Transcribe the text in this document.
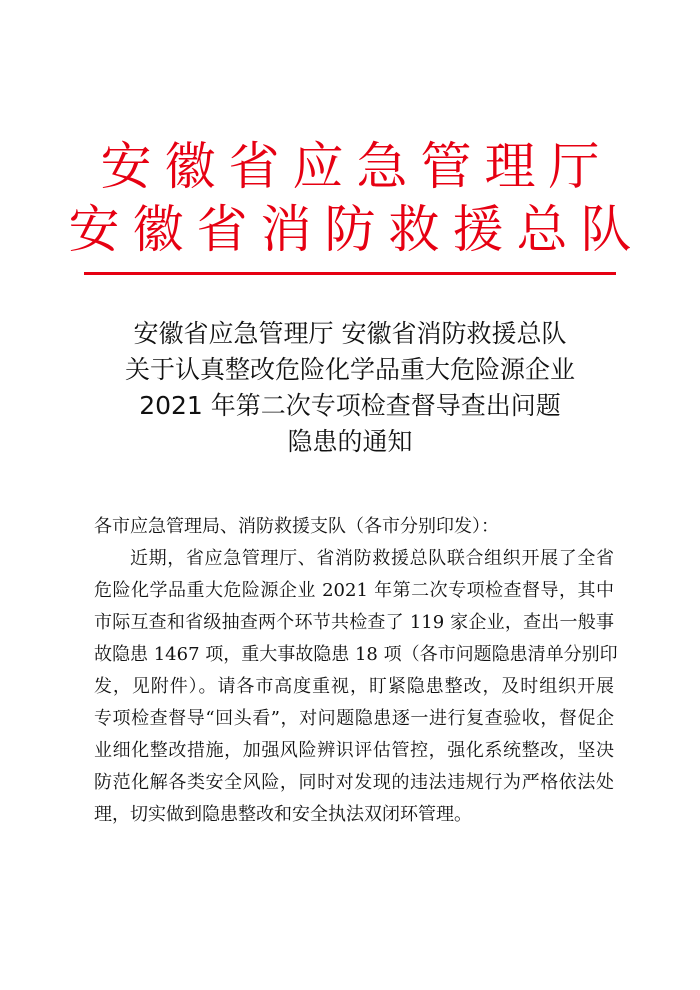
安徽省应急管理厅
安徽省消防救援总队
安徽省应急管理厅 安徽省消防救援总队
关于认真整改危险化学品重大危险源企业
2021 年第二次专项检查督导查出问题
隐患的通知
各市应急管理局、消防救援支队（各市分别印发）：
近期，省应急管理厅、省消防救援总队联合组织开展了全省
危险化学品重大危险源企业 2021 年第二次专项检查督导，其中
市际互查和省级抽查两个环节共检查了 119 家企业，查出一般事
故隐患 1467 项，重大事故隐患 18 项（各市问题隐患清单分别印
发，见附件）。请各市高度重视，盯紧隐患整改，及时组织开展
专项检查督导“回头看”，对问题隐患逐一进行复查验收，督促企
业细化整改措施，加强风险辨识评估管控，强化系统整改，坚决
防范化解各类安全风险，同时对发现的违法违规行为严格依法处
理，切实做到隐患整改和安全执法双闭环管理。
